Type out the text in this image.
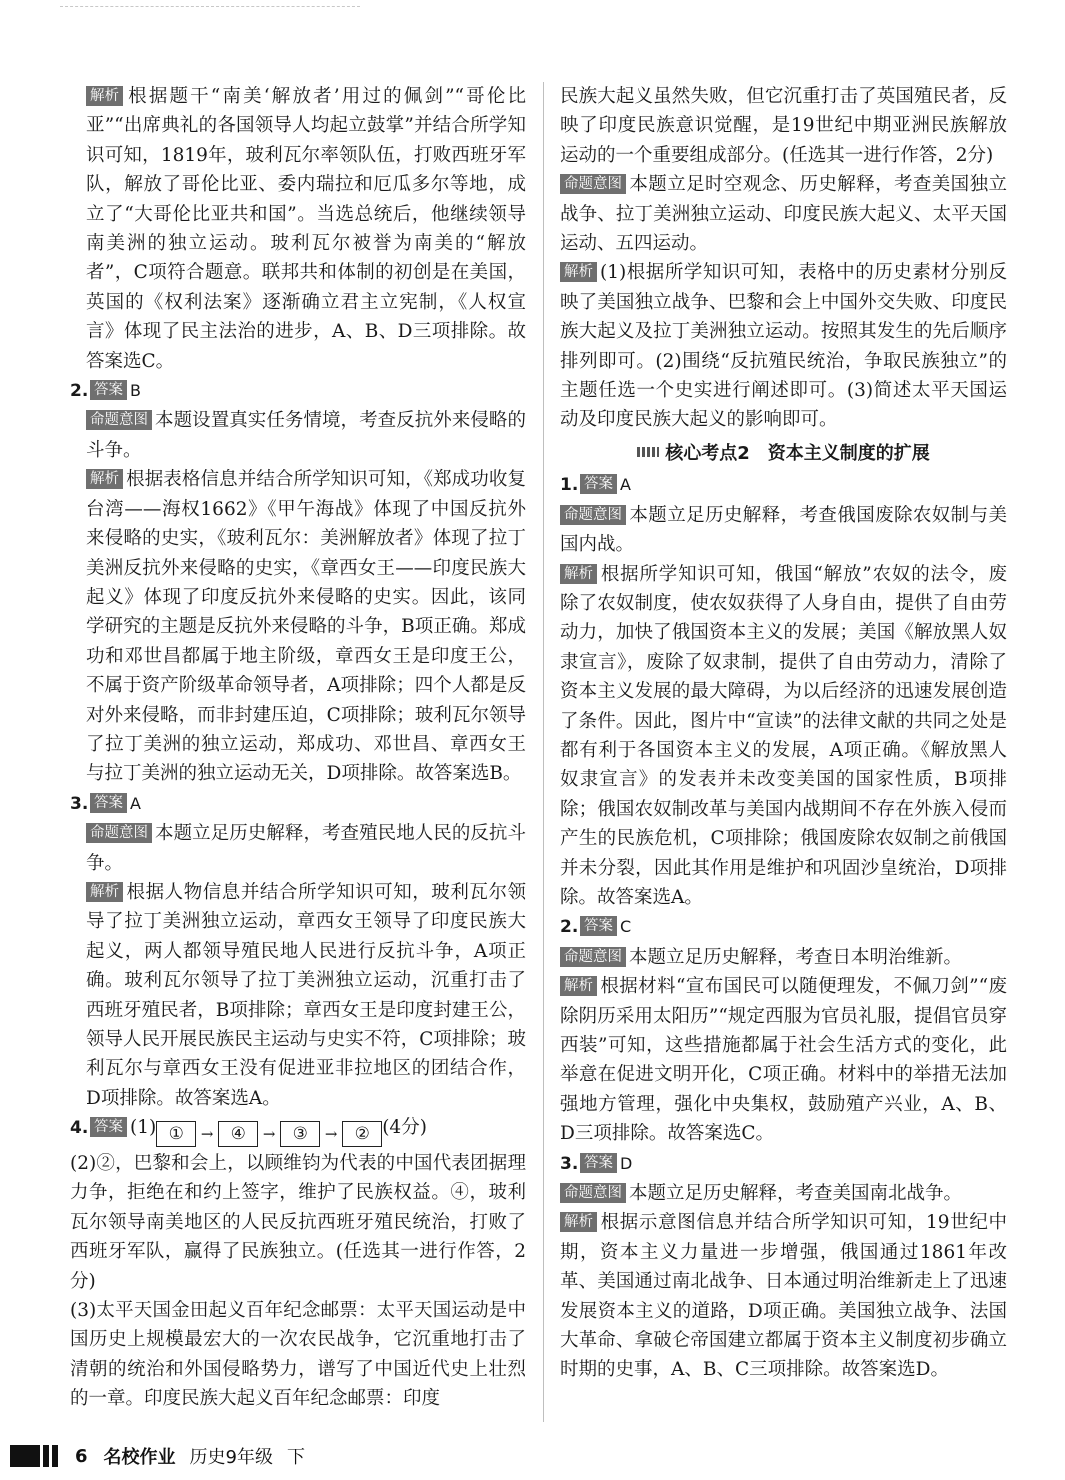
解析 根据题干“南美‘解放者’用过的佩剑”“哥伦比亚”“出席典礼的各国领导人均起立鼓掌”并结合所学知识可知，1819年，玻利瓦尔率领队伍，打败西班牙军队，解放了哥伦比亚、委内瑞拉和厄瓜多尔等地，成立了“大哥伦比亚共和国”。当选总统后，他继续领导南美洲的独立运动。玻利瓦尔被誉为南美的“解放者”，C项符合题意。联邦共和体制的初创是在美国，英国的《权利法案》逐渐确立君主立宪制，《人权宣言》体现了民主法治的进步，A、B、D三项排除。故答案选C。

2. 答案 B

命题意图 本题设置真实任务情境，考查反抗外来侵略的斗争。

解析 根据表格信息并结合所学知识可知，《郑成功收复台湾——海权1662》《甲午海战》体现了中国反抗外来侵略的史实，《玻利瓦尔：美洲解放者》体现了拉丁美洲反抗外来侵略的史实，《章西女王——印度民族大起义》体现了印度反抗外来侵略的史实。因此，该同学研究的主题是反抗外来侵略的斗争，B项正确。郑成功和邓世昌都属于地主阶级，章西女王是印度王公，不属于资产阶级革命领导者，A项排除；四个人都是反对外来侵略，而非封建压迫，C项排除；玻利瓦尔领导了拉丁美洲的独立运动，郑成功、邓世昌、章西女王与拉丁美洲的独立运动无关，D项排除。故答案选B。

3. 答案 A

命题意图 本题立足历史解释，考查殖民地人民的反抗斗争。

解析 根据人物信息并结合所学知识可知，玻利瓦尔领导了拉丁美洲独立运动，章西女王领导了印度民族大起义，两人都领导殖民地人民进行反抗斗争，A项正确。玻利瓦尔领导了拉丁美洲独立运动，沉重打击了西班牙殖民者，B项排除；章西女王是印度封建王公，领导人民开展民族民主运动与史实不符，C项排除；玻利瓦尔与章西女王没有促进亚非拉地区的团结合作，D项排除。故答案选A。

4. 答案 (1) ①	→	④	→	③	→	② (4分)

(2)②，巴黎和会上，以顾维钧为代表的中国代表团据理力争，拒绝在和约上签字，维护了民族权益。④，玻利瓦尔领导南美地区的人民反抗西班牙殖民统治，打败了西班牙军队，赢得了民族独立。(任选其一进行作答，2分)

(3)太平天国金田起义百年纪念邮票：太平天国运动是中国历史上规模最宏大的一次农民战争，它沉重地打击了清朝的统治和外国侵略势力，谱写了中国近代史上壮烈的一章。印度民族大起义百年纪念邮票：印度

民族大起义虽然失败，但它沉重打击了英国殖民者，反映了印度民族意识觉醒，是19世纪中期亚洲民族解放运动的一个重要组成部分。(任选其一进行作答，2分)

命题意图 本题立足时空观念、历史解释，考查美国独立战争、拉丁美洲独立运动、印度民族大起义、太平天国运动、五四运动。

解析 (1)根据所学知识可知，表格中的历史素材分别反映了美国独立战争、巴黎和会上中国外交失败、印度民族大起义及拉丁美洲独立运动。按照其发生的先后顺序排列即可。(2)围绕“反抗殖民统治，争取民族独立”的主题任选一个史实进行阐述即可。(3)简述太平天国运动及印度民族大起义的影响即可。

核心考点2　资本主义制度的扩展

1. 答案 A

命题意图 本题立足历史解释，考查俄国废除农奴制与美国内战。

解析 根据所学知识可知，俄国“解放”农奴的法令，废除了农奴制度，使农奴获得了人身自由，提供了自由劳动力，加快了俄国资本主义的发展；美国《解放黑人奴隶宣言》，废除了奴隶制，提供了自由劳动力，清除了资本主义发展的最大障碍，为以后经济的迅速发展创造了条件。因此，图片中“宣读”的法律文献的共同之处是都有利于各国资本主义的发展，A项正确。《解放黑人奴隶宣言》的发表并未改变美国的国家性质，B项排除；俄国农奴制改革与美国内战期间不存在外族入侵而产生的民族危机，C项排除；俄国废除农奴制之前俄国并未分裂，因此其作用是维护和巩固沙皇统治，D项排除。故答案选A。

2. 答案 C

命题意图 本题立足历史解释，考查日本明治维新。

解析 根据材料“宣布国民可以随便理发，不佩刀剑”“废除阴历采用太阳历”“规定西服为官员礼服，提倡官员穿西装”可知，这些措施都属于社会生活方式的变化，此举意在促进文明开化，C项正确。材料中的举措无法加强地方管理，强化中央集权，鼓励殖产兴业，A、B、D三项排除。故答案选C。

3. 答案 D

命题意图 本题立足历史解释，考查美国南北战争。

解析 根据示意图信息并结合所学知识可知，19世纪中期，资本主义力量进一步增强，俄国通过1861年改革、美国通过南北战争、日本通过明治维新走上了迅速发展资本主义的道路，D项正确。美国独立战争、法国大革命、拿破仑帝国建立都属于资本主义制度初步确立时期的史事，A、B、C三项排除。故答案选D。

6 名校作业 历史9年级 下
